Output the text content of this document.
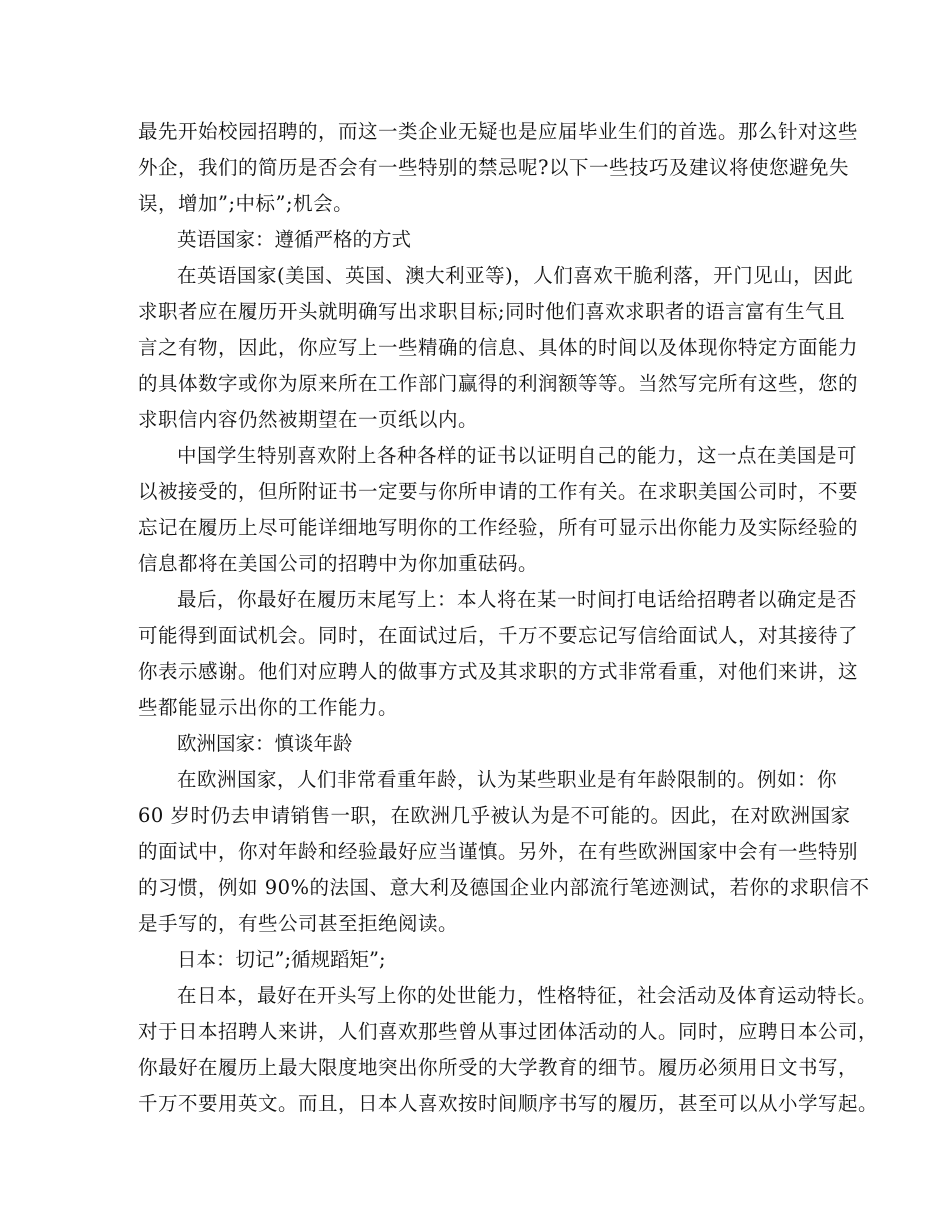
最先开始校园招聘的，而这一类企业无疑也是应届毕业生们的首选。那么针对这些
外企，我们的简历是否会有一些特别的禁忌呢?以下一些技巧及建议将使您避免失
误，增加”;中标”;机会。

英语国家：遵循严格的方式

在英语国家(美国、英国、澳大利亚等)，人们喜欢干脆利落，开门见山，因此
求职者应在履历开头就明确写出求职目标;同时他们喜欢求职者的语言富有生气且
言之有物，因此，你应写上一些精确的信息、具体的时间以及体现你特定方面能力
的具体数字或你为原来所在工作部门赢得的利润额等等。当然写完所有这些，您的
求职信内容仍然被期望在一页纸以内。

中国学生特别喜欢附上各种各样的证书以证明自己的能力，这一点在美国是可
以被接受的，但所附证书一定要与你所申请的工作有关。在求职美国公司时，不要
忘记在履历上尽可能详细地写明你的工作经验，所有可显示出你能力及实际经验的
信息都将在美国公司的招聘中为你加重砝码。

最后，你最好在履历末尾写上：本人将在某一时间打电话给招聘者以确定是否
可能得到面试机会。同时，在面试过后，千万不要忘记写信给面试人，对其接待了
你表示感谢。他们对应聘人的做事方式及其求职的方式非常看重，对他们来讲，这
些都能显示出你的工作能力。

欧洲国家：慎谈年龄

在欧洲国家，人们非常看重年龄，认为某些职业是有年龄限制的。例如：你
60 岁时仍去申请销售一职，在欧洲几乎被认为是不可能的。因此，在对欧洲国家
的面试中，你对年龄和经验最好应当谨慎。另外，在有些欧洲国家中会有一些特别
的习惯，例如 90%的法国、意大利及德国企业内部流行笔迹测试，若你的求职信不
是手写的，有些公司甚至拒绝阅读。

日本：切记”;循规蹈矩”;

在日本，最好在开头写上你的处世能力，性格特征，社会活动及体育运动特长。
对于日本招聘人来讲，人们喜欢那些曾从事过团体活动的人。同时，应聘日本公司，
你最好在履历上最大限度地突出你所受的大学教育的细节。履历必须用日文书写，
千万不要用英文。而且，日本人喜欢按时间顺序书写的履历，甚至可以从小学写起。
